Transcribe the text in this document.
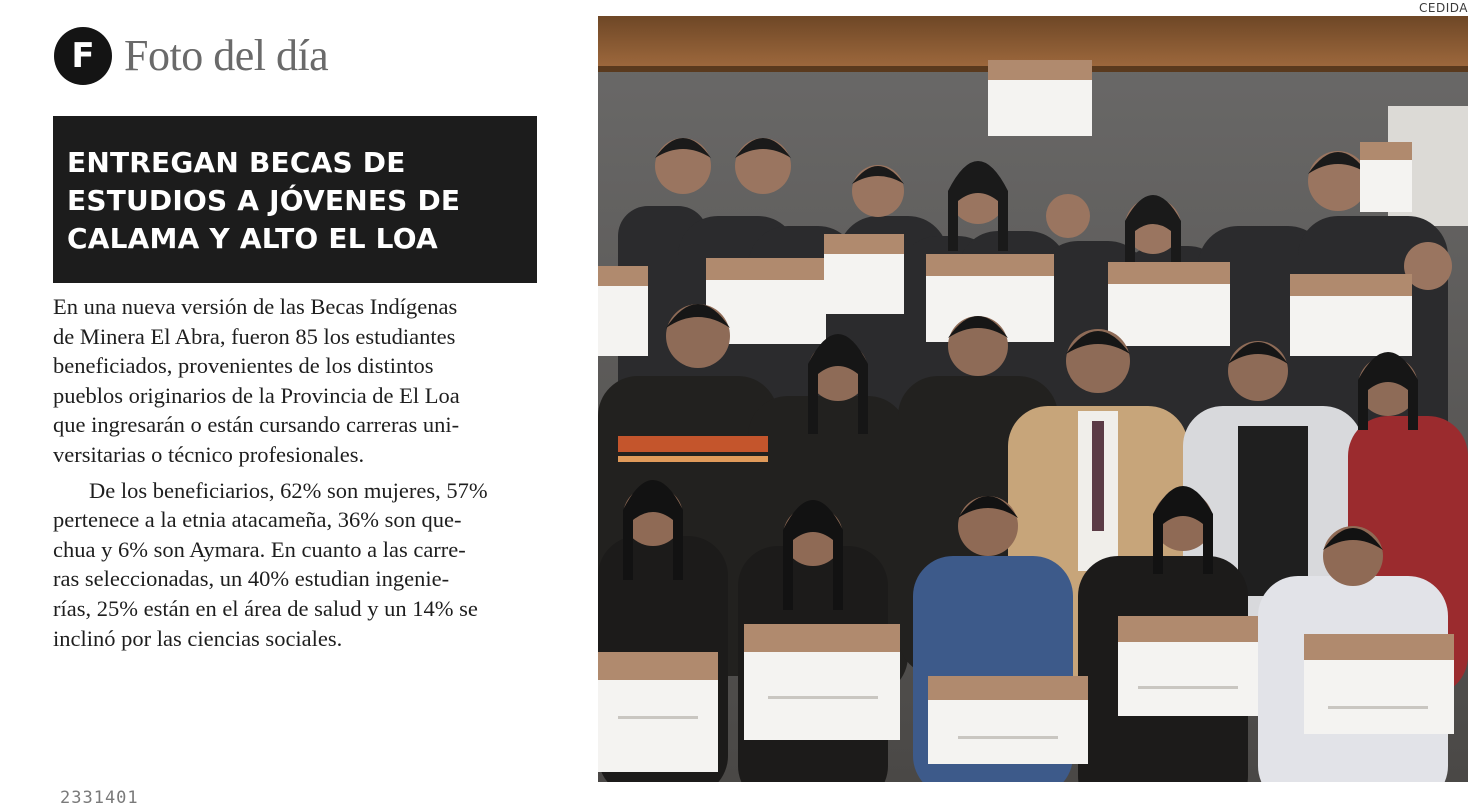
F Foto del día
ENTREGAN BECAS DE
ESTUDIOS A JÓVENES DE
CALAMA Y ALTO EL LOA
En una nueva versión de las Becas Indígenas
de Minera El Abra, fueron 85 los estudiantes
beneficiados, provenientes de los distintos
pueblos originarios de la Provincia de El Loa
que ingresarán o están cursando carreras uni-
versitarias o técnico profesionales.
De los beneficiarios, 62% son mujeres, 57%
pertenece a la etnia atacameña, 36% son que-
chua y 6% son Aymara. En cuanto a las carre-
ras seleccionadas, un 40% estudian ingenie-
rías, 25% están en el área de salud y un 14% se
inclinó por las ciencias sociales.
CEDIDA
2331401
